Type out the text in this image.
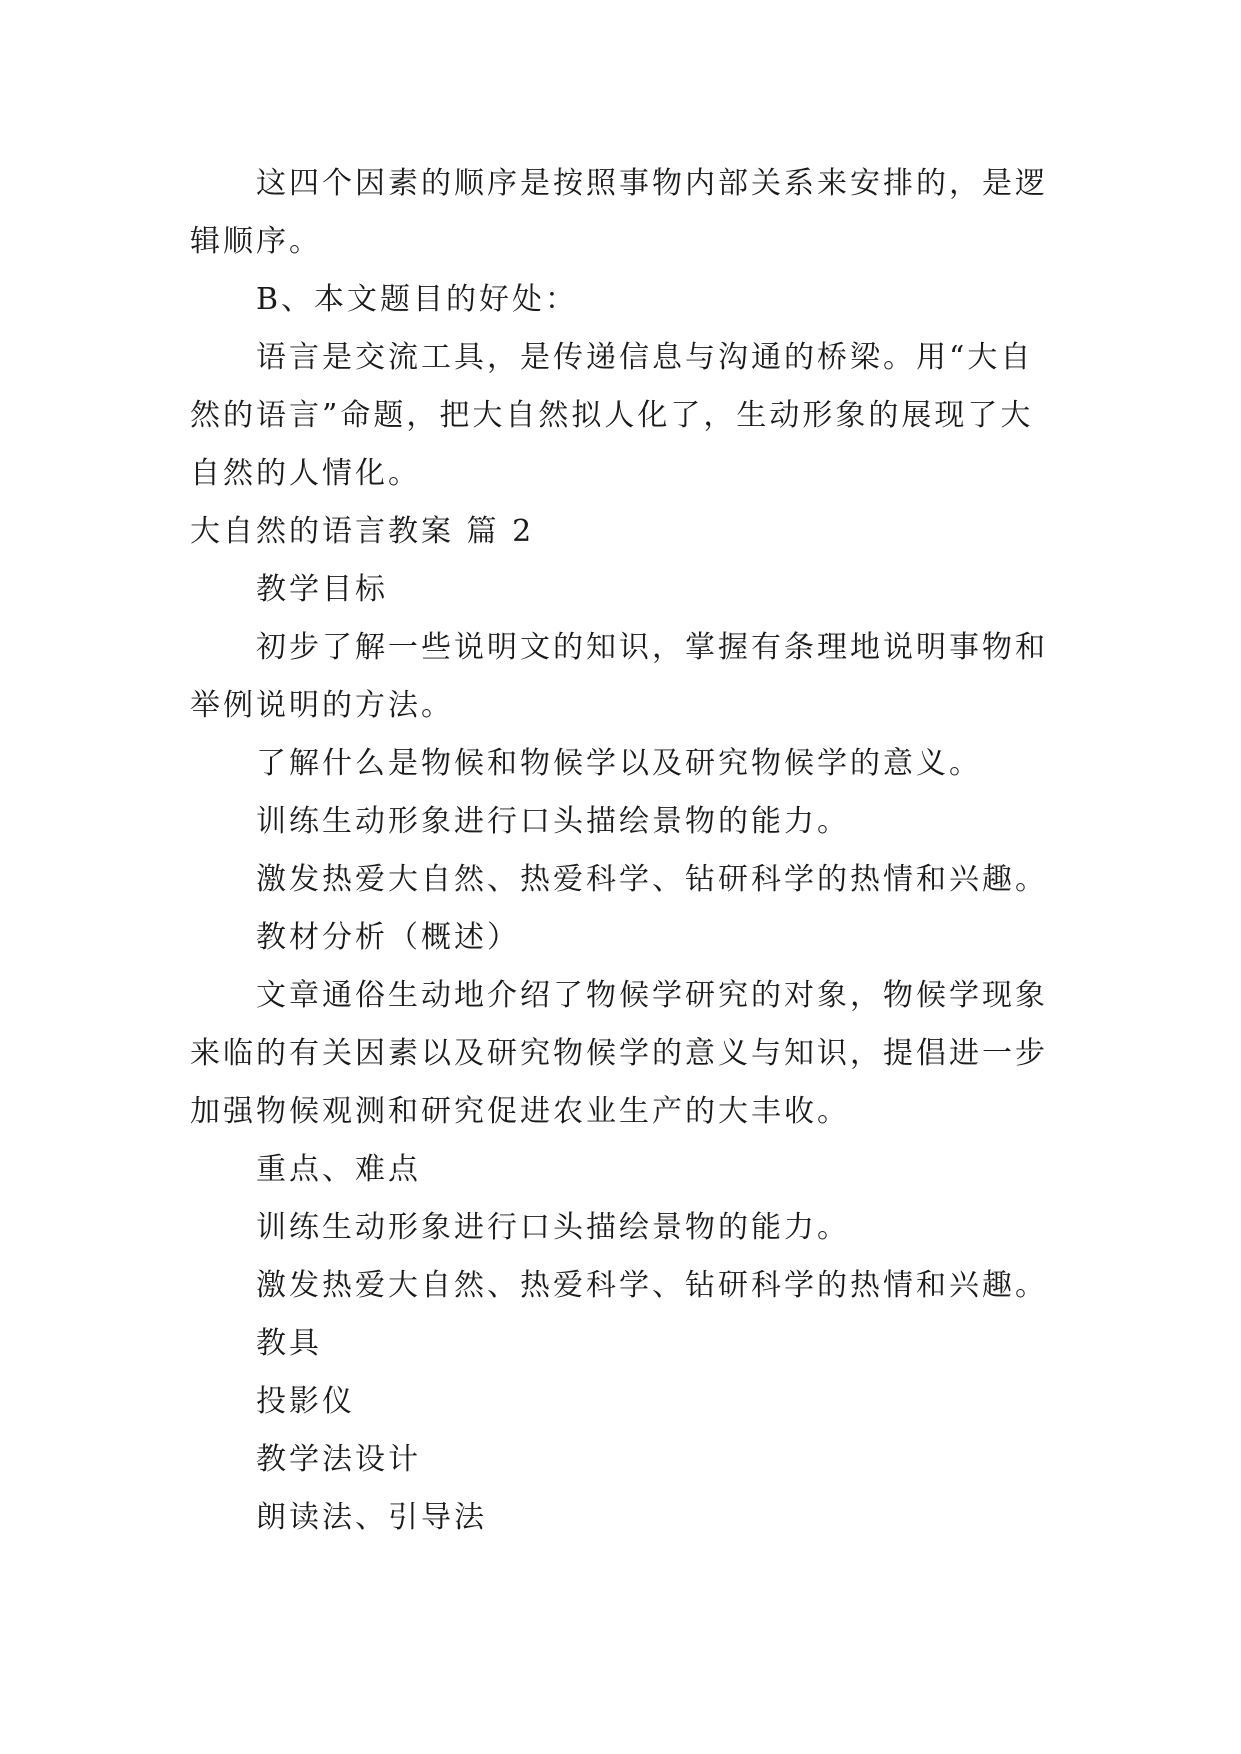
这四个因素的顺序是按照事物内部关系来安排的，是逻
辑顺序。
B、本文题目的好处：
语言是交流工具，是传递信息与沟通的桥梁。用“大自
然的语言”命题，把大自然拟人化了，生动形象的展现了大
自然的人情化。
大自然的语言教案 篇 2
教学目标
初步了解一些说明文的知识，掌握有条理地说明事物和
举例说明的方法。
了解什么是物候和物候学以及研究物候学的意义。
训练生动形象进行口头描绘景物的能力。
激发热爱大自然、热爱科学、钻研科学的热情和兴趣。
教材分析（概述）
文章通俗生动地介绍了物候学研究的对象，物候学现象
来临的有关因素以及研究物候学的意义与知识，提倡进一步
加强物候观测和研究促进农业生产的大丰收。
重点、难点
训练生动形象进行口头描绘景物的能力。
激发热爱大自然、热爱科学、钻研科学的热情和兴趣。
教具
投影仪
教学法设计
朗读法、引导法
